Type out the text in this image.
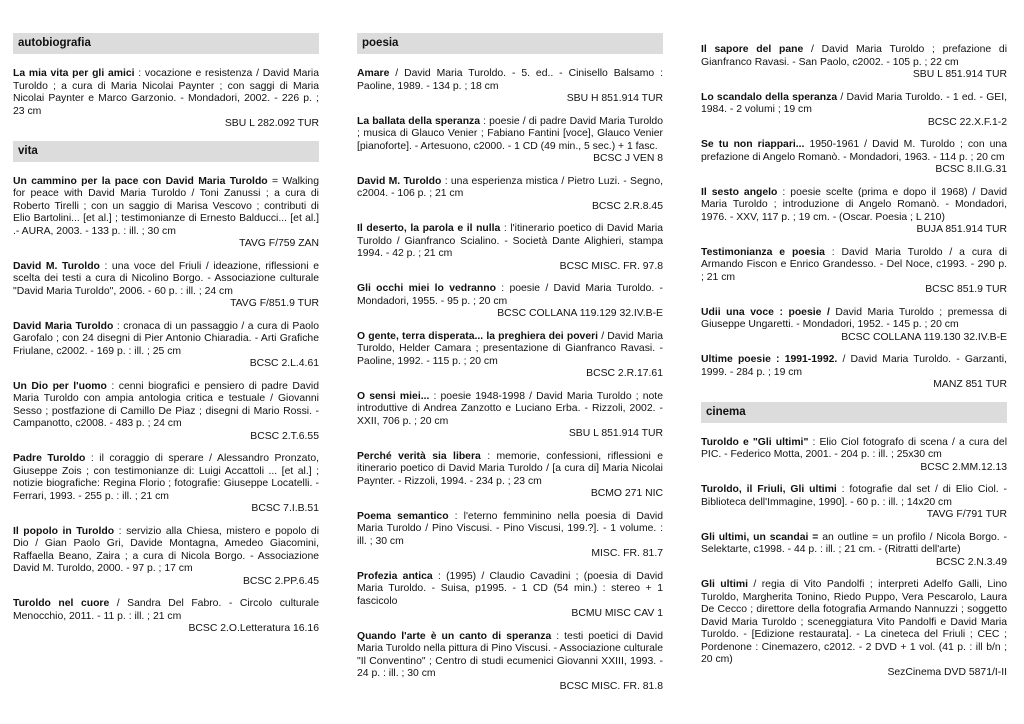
autobiografia
La mia vita per gli amici : vocazione e resistenza / David Maria Turoldo ; a cura di Maria Nicolai Paynter ; con saggi di Maria Nicolai Paynter e Marco Garzonio. - Mondadori, 2002. - 226 p. ; 23 cm
SBU L 282.092 TUR
vita
Un cammino per la pace con David Maria Turoldo = Walking for peace with David Maria Turoldo / Toni Zanussi ; a cura di Roberto Tirelli ; con un saggio di Marisa Vescovo ; contributi di Elio Bartolini... [et al.] ; testimonianze di Ernesto Balducci... [et al.] .- AURA, 2003. - 133 p. : ill. ; 30 cm
TAVG F/759 ZAN
David M. Turoldo : una voce del Friuli / ideazione, riflessioni e scelta dei testi a cura di Nicolino Borgo. - Associazione culturale "David Maria Turoldo", 2006. - 60 p. : ill. ; 24 cm
TAVG F/851.9 TUR
David Maria Turoldo : cronaca di un passaggio / a cura di Paolo Garofalo ; con 24 disegni di Pier Antonio Chiaradia. - Arti Grafiche Friulane, c2002. - 169 p. : ill. ; 25 cm
BCSC 2.L.4.61
Un Dio per l'uomo : cenni biografici e pensiero di padre David Maria Turoldo con ampia antologia critica e testuale / Giovanni Sesso ; postfazione di Camillo De Piaz ; disegni di Mario Rossi. - Campanotto, c2008. - 483 p. ; 24 cm
BCSC 2.T.6.55
Padre Turoldo : il coraggio di sperare / Alessandro Pronzato, Giuseppe Zois ; con testimonianze di: Luigi Accattoli ... [et al.] ; notizie biografiche: Regina Florio ; fotografie: Giuseppe Locatelli. - Ferrari, 1993. - 255 p. : ill. ; 21 cm
BCSC 7.I.B.51
Il popolo in Turoldo : servizio alla Chiesa, mistero e popolo di Dio / Gian Paolo Gri, Davide Montagna, Amedeo Giacomini, Raffaella Beano, Zaira ; a cura di Nicola Borgo. - Associazione David M. Turoldo, 2000. - 97 p. ; 17 cm
BCSC 2.PP.6.45
Turoldo nel cuore / Sandra Del Fabro. - Circolo culturale Menocchio, 2011. - 11 p. : ill. ; 21 cm
BCSC 2.O.Letteratura 16.16
poesia
Amare / David Maria Turoldo. - 5. ed.. - Cinisello Balsamo : Paoline, 1989. - 134 p. ; 18 cm
SBU H 851.914 TUR
La ballata della speranza : poesie / di padre David Maria Turoldo ; musica di Glauco Venier ; Fabiano Fantini [voce], Glauco Venier [pianoforte]. - Artesuono, c2000. - 1 CD (49 min., 5 sec.) + 1 fasc.
BCSC J VEN 8
David M. Turoldo : una esperienza mistica / Pietro Luzi. - Segno, c2004. - 106 p. ; 21 cm
BCSC 2.R.8.45
Il deserto, la parola e il nulla : l'itinerario poetico di David Maria Turoldo / Gianfranco Scialino. - Società Dante Alighieri, stampa 1994. - 42 p. ; 21 cm
BCSC MISC. FR. 97.8
Gli occhi miei lo vedranno : poesie / David Maria Turoldo. - Mondadori, 1955. - 95 p. ; 20 cm
BCSC COLLANA 119.129 32.IV.B-E
O gente, terra disperata... la preghiera dei poveri / David Maria Turoldo, Helder Camara ; presentazione di Gianfranco Ravasi. - Paoline, 1992. - 115 p. ; 20 cm
BCSC 2.R.17.61
O sensi miei... : poesie 1948-1998 / David Maria Turoldo ; note introduttive di Andrea Zanzotto e Luciano Erba. - Rizzoli, 2002. - XXII, 706 p. ; 20 cm
SBU L 851.914 TUR
Perché verità sia libera : memorie, confessioni, riflessioni e itinerario poetico di David Maria Turoldo / [a cura di] Maria Nicolai Paynter. - Rizzoli, 1994. - 234 p. ; 23 cm
BCMO 271 NIC
Poema semantico : l'eterno femminino nella poesia di David Maria Turoldo / Pino Viscusi. - Pino Viscusi, 199.?]. - 1 volume. : ill. ; 30 cm
MISC. FR. 81.7
Profezia antica : (1995) / Claudio Cavadini ; (poesia di David Maria Turoldo. - Suisa, p1995. - 1 CD (54 min.) : stereo + 1 fascicolo
BCMU MISC CAV 1
Quando l'arte è un canto di speranza : testi poetici di David Maria Turoldo nella pittura di Pino Viscusi. - Associazione culturale "Il Conventino" ; Centro di studi ecumenici Giovanni XXIII, 1993. - 24 p. : ill. ; 30 cm
BCSC MISC. FR. 81.8
Il sapore del pane / David Maria Turoldo ; prefazione di Gianfranco Ravasi. - San Paolo, c2002. - 105 p. ; 22 cm
SBU L 851.914 TUR
Lo scandalo della speranza / David Maria Turoldo. - 1 ed. - GEI, 1984. - 2 volumi ; 19 cm
BCSC 22.X.F.1-2
Se tu non riappari... 1950-1961 / David M. Turoldo ; con una prefazione di Angelo Romanò. - Mondadori, 1963. - 114 p. ; 20 cm
BCSC 8.II.G.31
Il sesto angelo : poesie scelte (prima e dopo il 1968) / David Maria Turoldo ; introduzione di Angelo Romanò. - Mondadori, 1976. - XXV, 117 p. ; 19 cm. - (Oscar. Poesia ; L 210)
BUJA 851.914 TUR
Testimonianza e poesia : David Maria Turoldo / a cura di Armando Fiscon e Enrico Grandesso. - Del Noce, c1993. - 290 p. ; 21 cm
BCSC 851.9 TUR
Udii una voce : poesie / David Maria Turoldo ; premessa di Giuseppe Ungaretti. - Mondadori, 1952. - 145 p. ; 20 cm
BCSC COLLANA 119.130 32.IV.B-E
Ultime poesie : 1991-1992. / David Maria Turoldo. - Garzanti, 1999. - 284 p. ; 19 cm
MANZ 851 TUR
cinema
Turoldo e "Gli ultimi" : Elio Ciol fotografo di scena / a cura del PIC. - Federico Motta, 2001. - 204 p. : ill. ; 25x30 cm
BCSC 2.MM.12.13
Turoldo, il Friuli, Gli ultimi : fotografie dal set / di Elio Ciol. - Biblioteca dell'Immagine, 1990]. - 60 p. : ill. ; 14x20 cm
TAVG F/791 TUR
Gli ultimi, un scandai = an outline = un profilo / Nicola Borgo. - Selektarte, c1998. - 44 p. : ill. ; 21 cm. - (Ritratti dell'arte)
BCSC 2.N.3.49
Gli ultimi / regia di Vito Pandolfi ; interpreti Adelfo Galli, Lino Turoldo, Margherita Tonino, Riedo Puppo, Vera Pescarolo, Laura De Cecco ; direttore della fotografia Armando Nannuzzi ; soggetto David Maria Turoldo ; sceneggiatura Vito Pandolfi e David Maria Turoldo. - [Edizione restaurata]. - La cineteca del Friuli ; CEC ; Pordenone : Cinemazero, c2012. - 2 DVD + 1 vol. (41 p. : ill b/n ; 20 cm)
SezCinema DVD 5871/I-II
